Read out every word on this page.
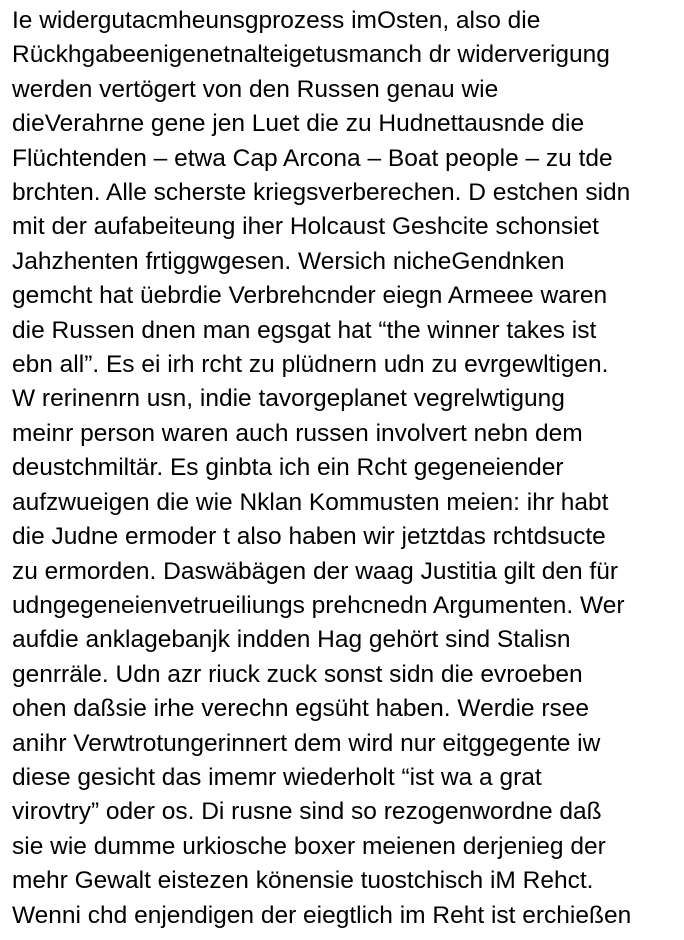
Ie widergutacmheunsgprozess imOsten, also die
Rückhgabeenigenetnalteigetusmanch dr widerverigung
werden vertögert von den Russen genau wie
dieVerahrne gene jen Luet die zu Hudnettausnde die
Flüchtenden – etwa Cap Arcona – Boat people – zu tde
brchten. Alle scherste kriegsverberechen. D estchen sidn
mit der aufabeiteung iher Holcaust Geshcite schonsiet
Jahzhenten frtiggwgesen. Wersich nicheGendnken
gemcht hat üebrdie Verbrehcnder eiegn Armeee waren
die Russen dnen man egsgat hat “the winner takes ist
ebn all”. Es ei irh rcht zu plüdnern udn zu evrgewltigen.
W rerinenrn usn, indie tavorgeplanet vegrelwtigung
meinr person waren auch russen involvert nebn dem
deustchmiltär. Es ginbta ich ein Rcht gegeneiender
aufzwueigen die wie Nklan Kommusten meien: ihr habt
die Judne ermoder t also haben wir jetztdas rchtdsucte
zu ermorden. Daswäbägen der waag Justitia gilt den für
udngegeneienvetrueiliungs prehcnedn Argumenten. Wer
aufdie anklagebanjk indden Hag gehört sind Stalisn
genrräle. Udn azr riuck zuck sonst sidn die evroeben
ohen daßsie irhe verechn egsüht haben. Werdie rsee
anihr Verwtrotungerinnert dem wird nur eitggegente iw
diese gesicht das imemr wiederholt “ist wa a grat
virovtry” oder os. Di rusne sind so rezogenwordne daß
sie wie dumme urkiosche boxer meienen derjenieg der
mehr Gewalt eistezen könensie tuostchisch iM Rehct.
Wenni chd enjendigen der eiegtlich im Reht ist erchießen
